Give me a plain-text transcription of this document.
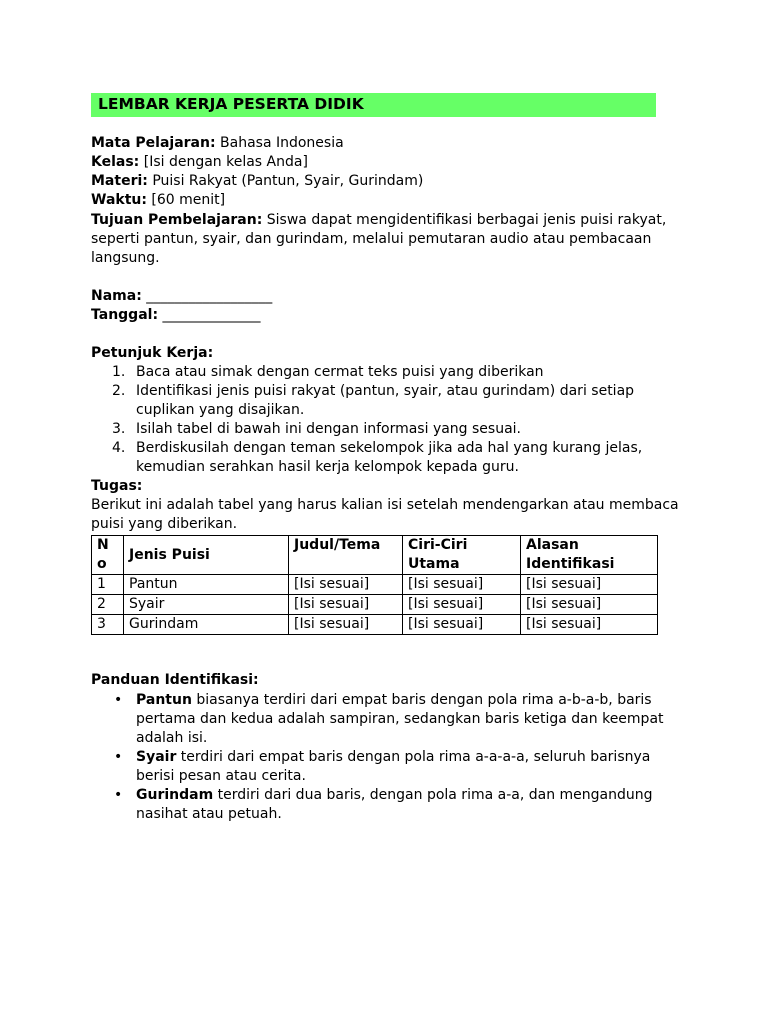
LEMBAR KERJA PESERTA DIDIK
Mata Pelajaran: Bahasa Indonesia
Kelas: [Isi dengan kelas Anda]
Materi: Puisi Rakyat (Pantun, Syair, Gurindam)
Waktu: [60 menit]
Tujuan Pembelajaran: Siswa dapat mengidentifikasi berbagai jenis puisi rakyat,
seperti pantun, syair, dan gurindam, melalui pemutaran audio atau pembacaan
langsung.
Nama: __________________
Tanggal: ______________
Petunjuk Kerja:
1. Baca atau simak dengan cermat teks puisi yang diberikan
2. Identifikasi jenis puisi rakyat (pantun, syair, atau gurindam) dari setiap
cuplikan yang disajikan.
3. Isilah tabel di bawah ini dengan informasi yang sesuai.
4. Berdiskusilah dengan teman sekelompok jika ada hal yang kurang jelas,
kemudian serahkan hasil kerja kelompok kepada guru.
Tugas:
Berikut ini adalah tabel yang harus kalian isi setelah mendengarkan atau membaca
puisi yang diberikan.
No	Jenis Puisi	Judul/Tema	Ciri-Ciri Utama	Alasan Identifikasi
1	Pantun	[Isi sesuai]	[Isi sesuai]	[Isi sesuai]
2	Syair	[Isi sesuai]	[Isi sesuai]	[Isi sesuai]
3	Gurindam	[Isi sesuai]	[Isi sesuai]	[Isi sesuai]
Panduan Identifikasi:
• Pantun biasanya terdiri dari empat baris dengan pola rima a-b-a-b, baris
pertama dan kedua adalah sampiran, sedangkan baris ketiga dan keempat
adalah isi.
• Syair terdiri dari empat baris dengan pola rima a-a-a-a, seluruh barisnya
berisi pesan atau cerita.
• Gurindam terdiri dari dua baris, dengan pola rima a-a, dan mengandung
nasihat atau petuah.
